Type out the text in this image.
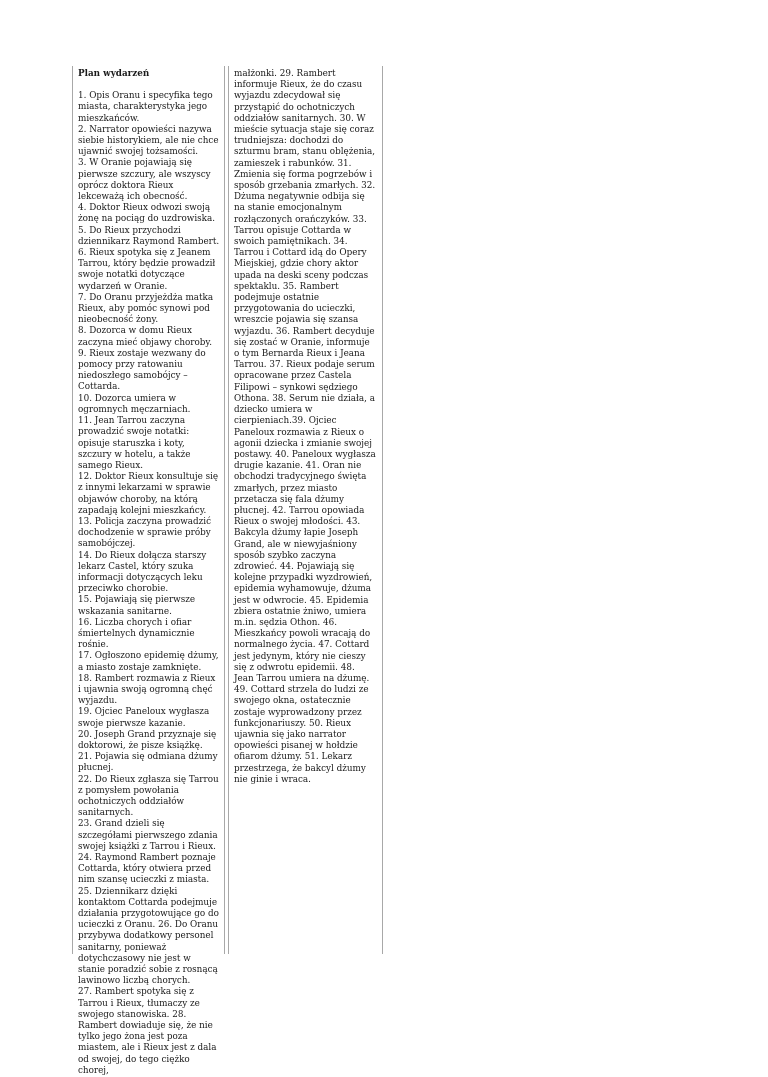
Plan wydarzeń

1. Opis Oranu i specyfika tego miasta, charakterystyka jego mieszkańców.

2. Narrator opowieści nazywa siebie historykiem, ale nie chce ujawnić swojej tożsamości.

3. W Oranie pojawiają się pierwsze szczury, ale wszyscy oprócz doktora Rieux lekceważą ich obecność.

4. Doktor Rieux odwozi swoją żonę na pociąg do uzdrowiska.

5. Do Rieux przychodzi dziennikarz Raymond Rambert.

6. Rieux spotyka się z Jeanem Tarrou, który będzie prowadził swoje notatki dotyczące wydarzeń w Oranie.

7. Do Oranu przyjeżdża matka Rieux, aby pomóc synowi pod nieobecność żony.

8. Dozorca w domu Rieux zaczyna mieć objawy choroby.

9. Rieux zostaje wezwany do pomocy przy ratowaniu niedoszłego samobójcy – Cottarda.

10. Dozorca umiera w ogromnych męczarniach.

11. Jean Tarrou zaczyna prowadzić swoje notatki: opisuje staruszka i koty, szczury w hotelu, a także samego Rieux.

12. Doktor Rieux konsultuje się z innymi lekarzami w sprawie objawów choroby, na którą zapadają kolejni mieszkańcy.

13. Policja zaczyna prowadzić dochodzenie w sprawie próby samobójczej.

14. Do Rieux dołącza starszy lekarz Castel, który szuka informacji dotyczących leku przeciwko chorobie.

15. Pojawiają się pierwsze wskazania sanitarne.

16. Liczba chorych i ofiar śmiertelnych dynamicznie rośnie.

17. Ogłoszono epidemię dżumy, a miasto zostaje zamknięte.

18. Rambert rozmawia z Rieux i ujawnia swoją ogromną chęć wyjazdu.

19. Ojciec Paneloux wygłasza swoje pierwsze kazanie.

20. Joseph Grand przyznaje się doktorowi, że pisze książkę.

21. Pojawia się odmiana dżumy płucnej.

22. Do Rieux zgłasza się Tarrou z pomysłem powołania ochotniczych oddziałów sanitarnych.

23. Grand dzieli się szczegółami pierwszego zdania swojej książki z Tarrou i Rieux. 24. Raymond Rambert poznaje Cottarda, który otwiera przed nim szansę ucieczki z miasta. 25. Dziennikarz dzięki kontaktom Cottarda podejmuje działania przygotowujące go do ucieczki z Oranu. 26. Do Oranu przybywa dodatkowy personel sanitarny, ponieważ dotychczasowy nie jest w stanie poradzić sobie z rosnącą lawinowo liczbą chorych.

27. Rambert spotyka się z Tarrou i Rieux, tłumaczy ze swojego stanowiska. 28. Rambert dowiaduje się, że nie tylko jego żona jest poza miastem, ale i Rieux jest z dala od swojej, do tego ciężko chorej,

małżonki. 29. Rambert informuje Rieux, że do czasu wyjazdu zdecydował się przystąpić do ochotniczych oddziałów sanitarnych. 30. W mieście sytuacja staje się coraz trudniejsza: dochodzi do szturmu bram, stanu oblężenia, zamieszek i rabunków. 31. Zmienia się forma pogrzebów i sposób grzebania zmarłych. 32. Dżuma negatywnie odbija się na stanie emocjonalnym rozłączonych orańczyków. 33. Tarrou opisuje Cottarda w swoich pamiętnikach. 34. Tarrou i Cottard idą do Opery Miejskiej, gdzie chory aktor upada na deski sceny podczas spektaklu. 35. Rambert podejmuje ostatnie przygotowania do ucieczki, wreszcie pojawia się szansa wyjazdu. 36. Rambert decyduje się zostać w Oranie, informuje o tym Bernarda Rieux i Jeana Tarrou. 37. Rieux podaje serum opracowane przez Castela Filipowi – synkowi sędziego Othona. 38. Serum nie działa, a dziecko umiera w cierpieniach.39. Ojciec Paneloux rozmawia z Rieux o agonii dziecka i zmianie swojej postawy. 40. Paneloux wygłasza drugie kazanie. 41. Oran nie obchodzi tradycyjnego święta zmarłych, przez miasto przetacza się fala dżumy płucnej. 42. Tarrou opowiada Rieux o swojej młodości. 43. Bakcyla dżumy łapie Joseph Grand, ale w niewyjaśniony sposób szybko zaczyna zdrowieć. 44. Pojawiają się kolejne przypadki wyzdrowień, epidemia wyhamowuje, dżuma jest w odwrocie. 45. Epidemia zbiera ostatnie żniwo, umiera m.in. sędzia Othon. 46. Mieszkańcy powoli wracają do normalnego życia. 47. Cottard jest jedynym, który nie cieszy się z odwrotu epidemii. 48. Jean Tarrou umiera na dżumę. 49. Cottard strzela do ludzi ze swojego okna, ostatecznie zostaje wyprowadzony przez funkcjonariuszy. 50. Rieux ujawnia się jako narrator opowieści pisanej w hołdzie ofiarom dżumy. 51. Lekarz przestrzega, że bakcyl dżumy nie ginie i wraca.
